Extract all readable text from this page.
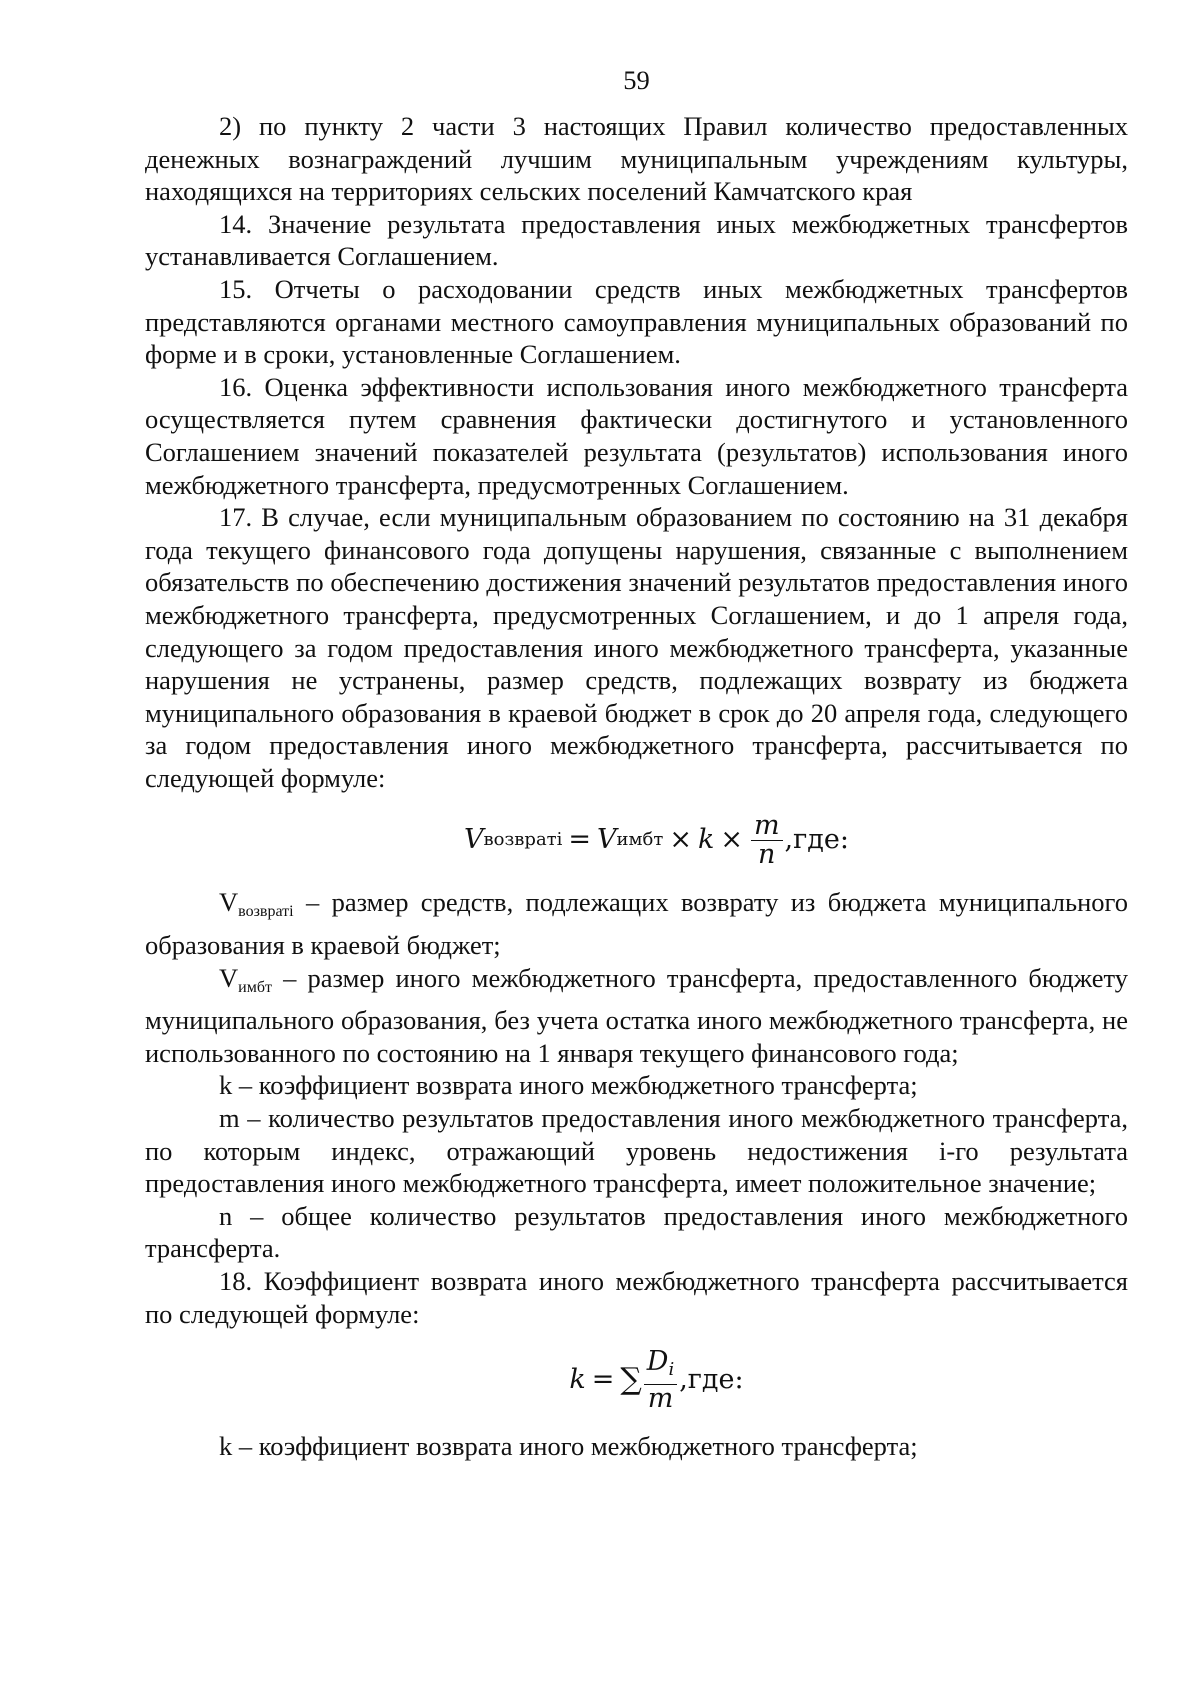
59

2) по пункту 2 части 3 настоящих Правил количество предоставленных денежных вознаграждений лучшим муниципальным учреждениям культуры, находящихся на территориях сельских поселений Камчатского края

14. Значение результата предоставления иных межбюджетных трансфертов устанавливается Соглашением.

15. Отчеты о расходовании средств иных межбюджетных трансфертов представляются органами местного самоуправления муниципальных образований по форме и в сроки, установленные Соглашением.

16. Оценка эффективности использования иного межбюджетного трансферта осуществляется путем сравнения фактически достигнутого и установленного Соглашением значений показателей результата (результатов) использования иного межбюджетного трансферта, предусмотренных Соглашением.

17. В случае, если муниципальным образованием по состоянию на 31 декабря года текущего финансового года допущены нарушения, связанные с выполнением обязательств по обеспечению достижения значений результатов предоставления иного межбюджетного трансферта, предусмотренных Соглашением, и до 1 апреля года, следующего за годом предоставления иного межбюджетного трансферта, указанные нарушения не устранены, размер средств, подлежащих возврату из бюджета муниципального образования в краевой бюджет в срок до 20 апреля года, следующего за годом предоставления иного межбюджетного трансферта, рассчитывается по следующей формуле:

V возвратi = V имбт × $k \times \frac{m}{n} ,где$:

Vвозвратi – размер средств, подлежащих возврату из бюджета муниципального образования в краевой бюджет;

Vимбт – размер иного межбюджетного трансферта, предоставленного бюджету муниципального образования, без учета остатка иного межбюджетного трансферта, не использованного по состоянию на 1 января текущего финансового года;

k – коэффициент возврата иного межбюджетного трансферта;

m – количество результатов предоставления иного межбюджетного трансферта, по которым индекс, отражающий уровень недостижения i-го результата предоставления иного межбюджетного трансферта, имеет положительное значение;

n – общее количество результатов предоставления иного межбюджетного трансферта.

18. Коэффициент возврата иного межбюджетного трансферта рассчитывается по следующей формуле:

k = ∑ $\frac{Di}{m} ,где$:

k – коэффициент возврата иного межбюджетного трансферта;
